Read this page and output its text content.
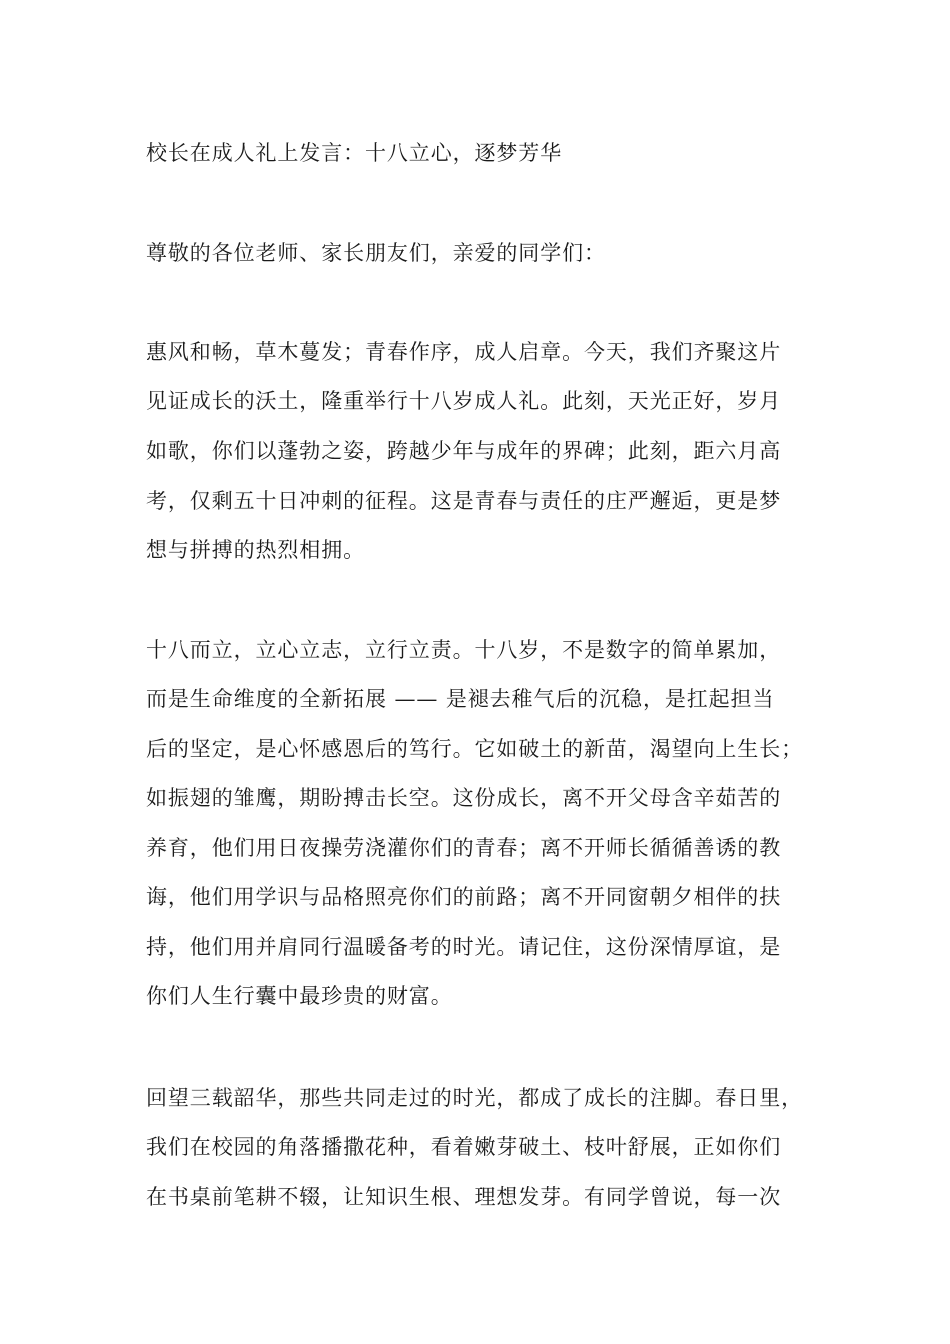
校长在成人礼上发言：十八立心，逐梦芳华
尊敬的各位老师、家长朋友们，亲爱的同学们：
惠风和畅，草木蔓发；青春作序，成人启章。今天，我们齐聚这片
见证成长的沃土，隆重举行十八岁成人礼。此刻，天光正好，岁月
如歌，你们以蓬勃之姿，跨越少年与成年的界碑；此刻，距六月高
考，仅剩五十日冲刺的征程。这是青春与责任的庄严邂逅，更是梦
想与拼搏的热烈相拥。
十八而立，立心立志，立行立责。十八岁，不是数字的简单累加，
而是生命维度的全新拓展 —— 是褪去稚气后的沉稳，是扛起担当
后的坚定，是心怀感恩后的笃行。它如破土的新苗，渴望向上生长；
如振翅的雏鹰，期盼搏击长空。这份成长，离不开父母含辛茹苦的
养育，他们用日夜操劳浇灌你们的青春；离不开师长循循善诱的教
诲，他们用学识与品格照亮你们的前路；离不开同窗朝夕相伴的扶
持，他们用并肩同行温暖备考的时光。请记住，这份深情厚谊，是
你们人生行囊中最珍贵的财富。
回望三载韶华，那些共同走过的时光，都成了成长的注脚。春日里，
我们在校园的角落播撒花种，看着嫩芽破土、枝叶舒展，正如你们
在书桌前笔耕不辍，让知识生根、理想发芽。有同学曾说，每一次
